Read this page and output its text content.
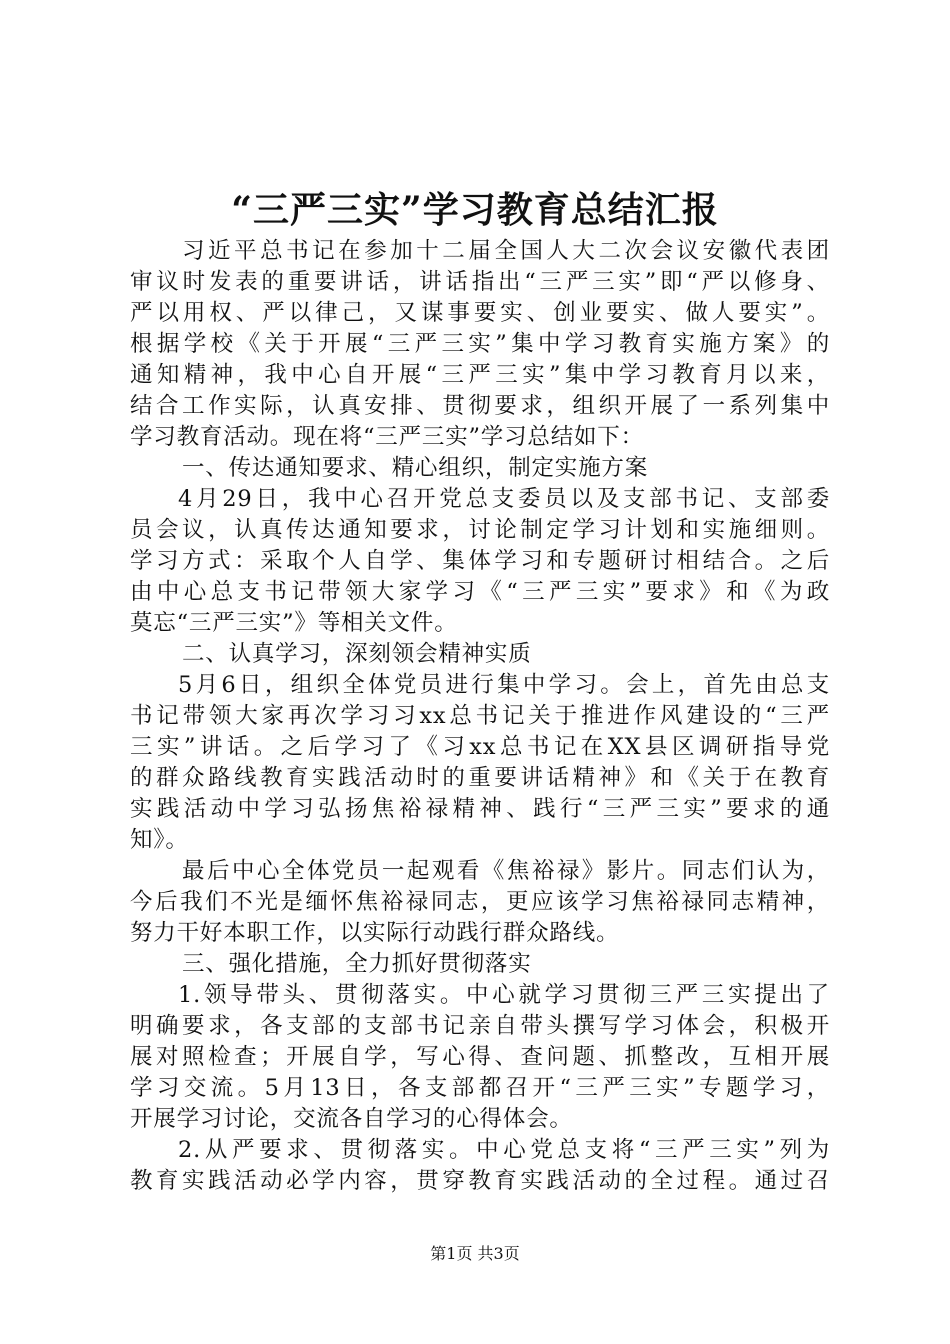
“三严三实”学习教育总结汇报
习近平总书记在参加十二届全国人大二次会议安徽代表团
审议时发表的重要讲话，讲话指出“三严三实”即“严以修身、
严以用权、严以律己，又谋事要实、创业要实、做人要实”。
根据学校《关于开展“三严三实”集中学习教育实施方案》的
通知精神，我中心自开展“三严三实”集中学习教育月以来，
结合工作实际，认真安排、贯彻要求，组织开展了一系列集中
学习教育活动。现在将“三严三实”学习总结如下：
一、传达通知要求、精心组织，制定实施方案
4月29日，我中心召开党总支委员以及支部书记、支部委
员会议，认真传达通知要求，讨论制定学习计划和实施细则。
学习方式：采取个人自学、集体学习和专题研讨相结合。之后
由中心总支书记带领大家学习《“三严三实”要求》和《为政
莫忘“三严三实”》等相关文件。
二、认真学习，深刻领会精神实质
5月6日，组织全体党员进行集中学习。会上，首先由总支
书记带领大家再次学习习xx总书记关于推进作风建设的“三严
三实”讲话。之后学习了《习xx总书记在XX县区调研指导党
的群众路线教育实践活动时的重要讲话精神》和《关于在教育
实践活动中学习弘扬焦裕禄精神、践行“三严三实”要求的通
知》。
最后中心全体党员一起观看《焦裕禄》影片。同志们认为，
今后我们不光是缅怀焦裕禄同志，更应该学习焦裕禄同志精神，
努力干好本职工作，以实际行动践行群众路线。
三、强化措施，全力抓好贯彻落实
1.领导带头、贯彻落实。中心就学习贯彻三严三实提出了
明确要求，各支部的支部书记亲自带头撰写学习体会，积极开
展对照检查；开展自学，写心得、查问题、抓整改，互相开展
学习交流。5月13日，各支部都召开“三严三实”专题学习，
开展学习讨论，交流各自学习的心得体会。
2.从严要求、贯彻落实。中心党总支将“三严三实”列为
教育实践活动必学内容，贯穿教育实践活动的全过程。通过召
第1页 共3页
